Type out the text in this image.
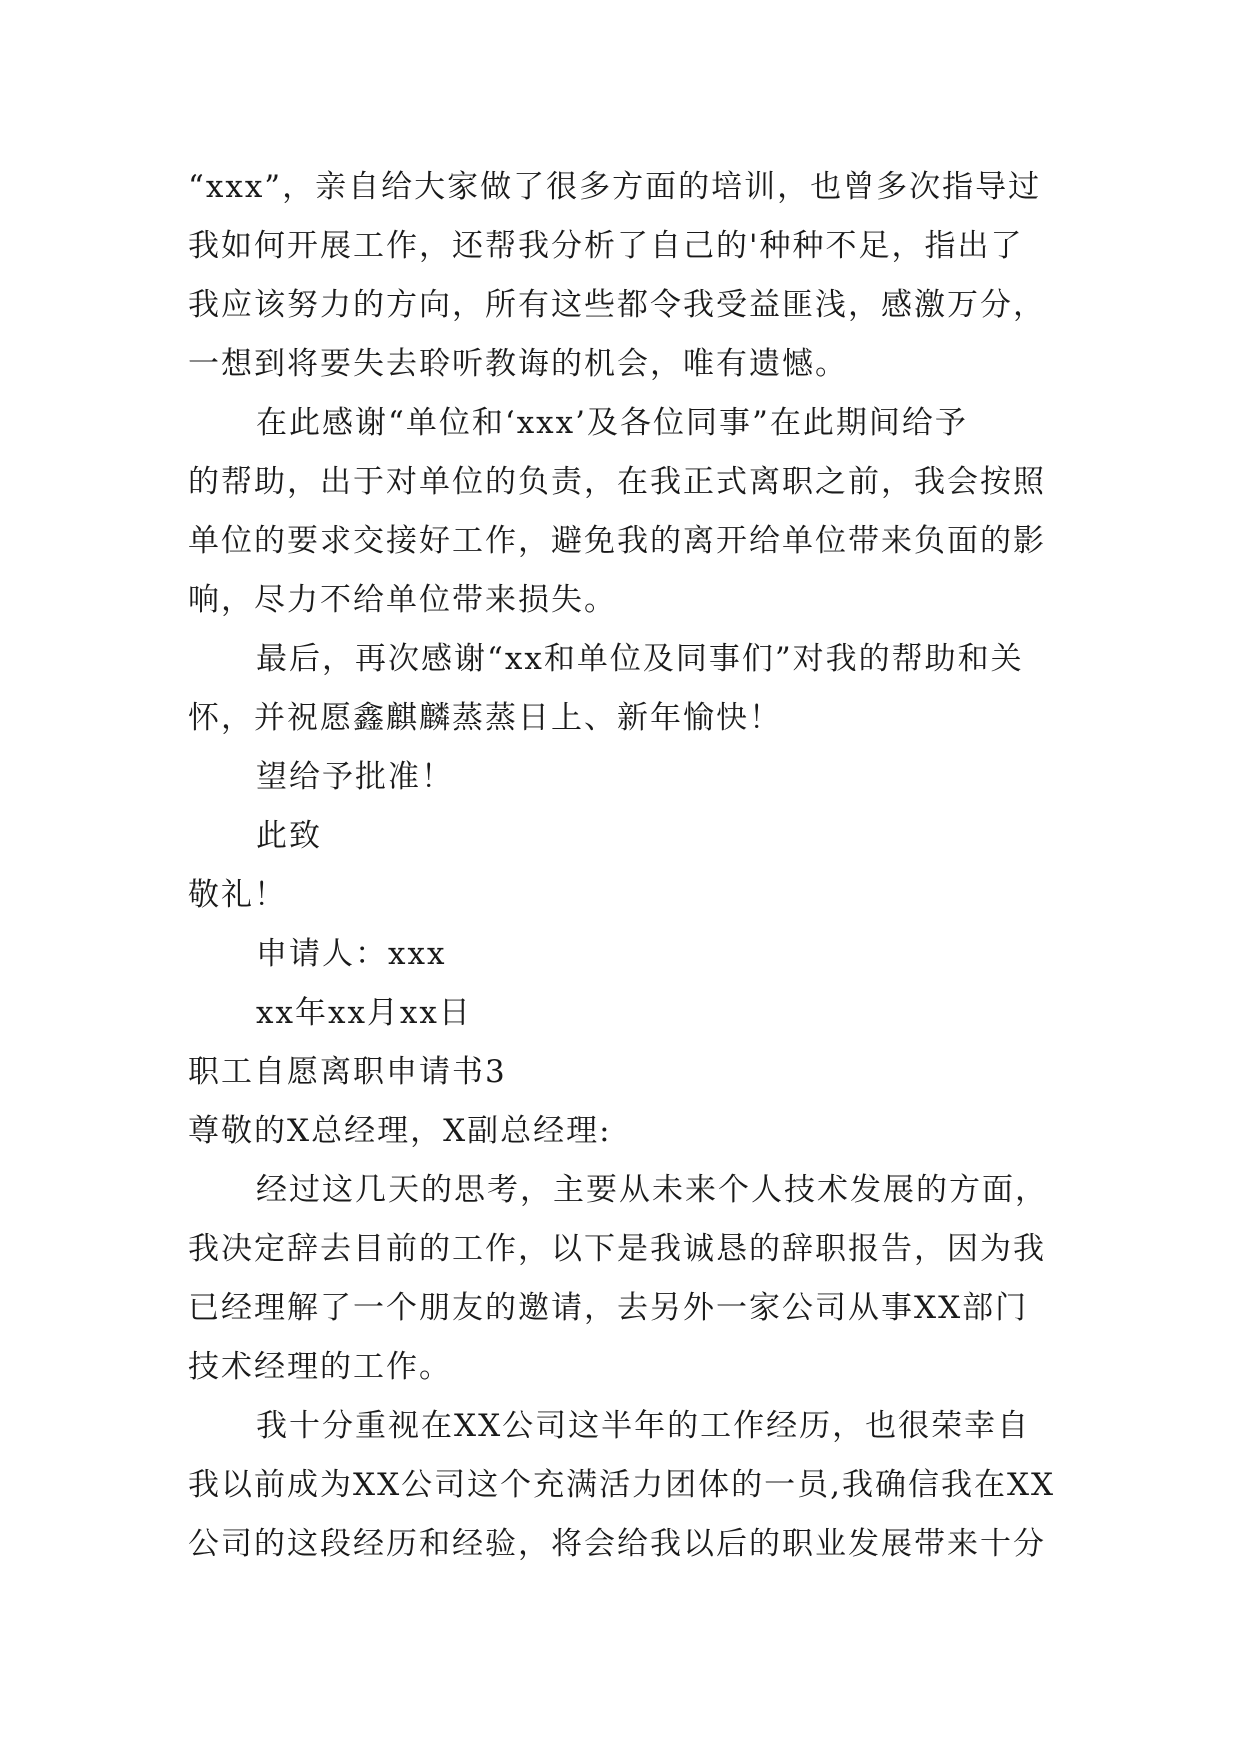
“xxx”，亲自给大家做了很多方面的培训，也曾多次指导过
我如何开展工作，还帮我分析了自己的'种种不足，指出了
我应该努力的方向，所有这些都令我受益匪浅，感激万分，
一想到将要失去聆听教诲的机会，唯有遗憾。
在此感谢“单位和‘xxx’及各位同事”在此期间给予
的帮助，出于对单位的负责，在我正式离职之前，我会按照
单位的要求交接好工作，避免我的离开给单位带来负面的影
响，尽力不给单位带来损失。
最后，再次感谢“xx和单位及同事们”对我的帮助和关
怀，并祝愿鑫麒麟蒸蒸日上、新年愉快！
望给予批准！
此致
敬礼！
申请人：xxx
xx年xx月xx日
职工自愿离职申请书3
尊敬的X总经理，X副总经理:
经过这几天的思考，主要从未来个人技术发展的方面，
我决定辞去目前的工作，以下是我诚恳的辞职报告，因为我
已经理解了一个朋友的邀请，去另外一家公司从事XX部门
技术经理的工作。
我十分重视在XX公司这半年的工作经历，也很荣幸自
我以前成为XX公司这个充满活力团体的一员,我确信我在XX
公司的这段经历和经验，将会给我以后的职业发展带来十分
